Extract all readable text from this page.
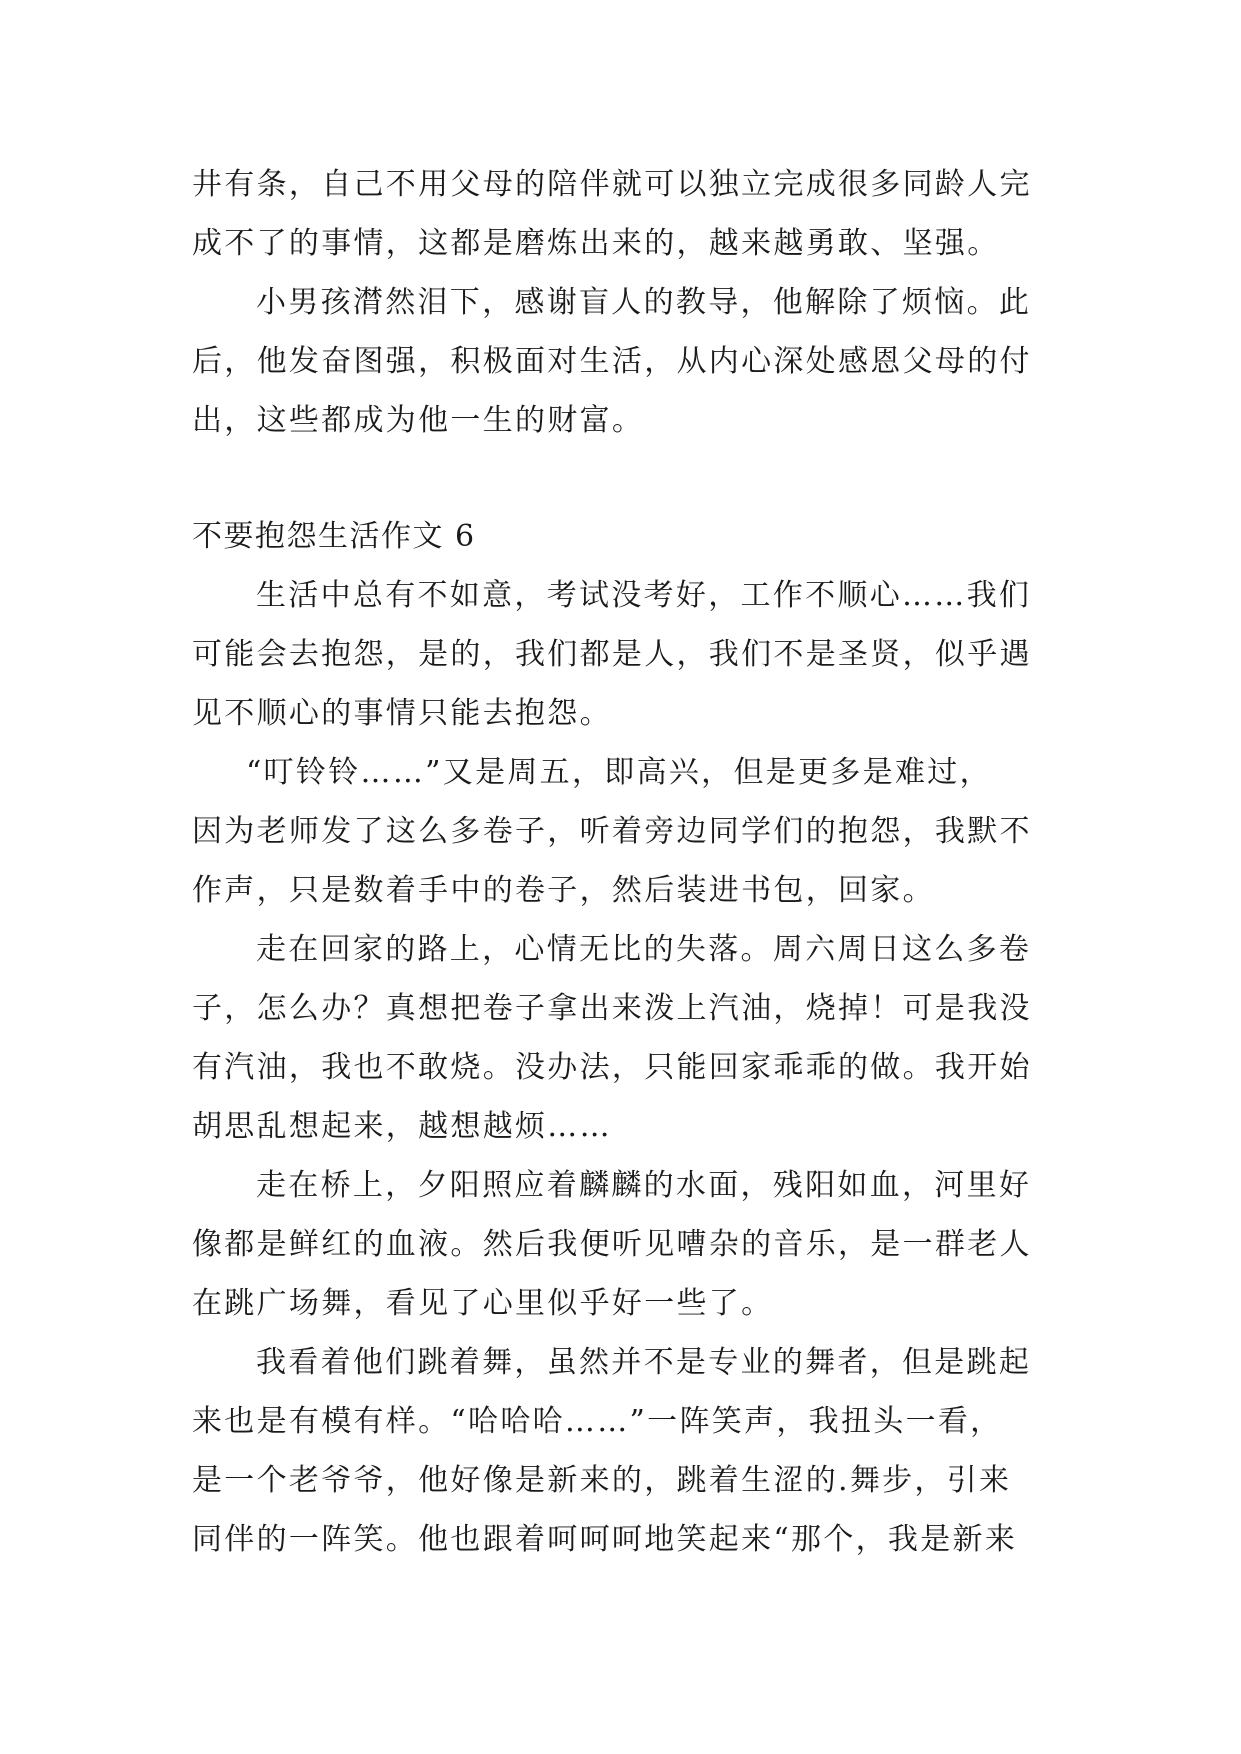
井有条，自己不用父母的陪伴就可以独立完成很多同龄人完
成不了的事情，这都是磨炼出来的，越来越勇敢、坚强。
小男孩潸然泪下，感谢盲人的教导，他解除了烦恼。此
后，他发奋图强，积极面对生活，从内心深处感恩父母的付
出，这些都成为他一生的财富。
不要抱怨生活作文 6
生活中总有不如意，考试没考好，工作不顺心……我们
可能会去抱怨，是的，我们都是人，我们不是圣贤，似乎遇
见不顺心的事情只能去抱怨。
“叮铃铃……”又是周五，即高兴，但是更多是难过，
因为老师发了这么多卷子，听着旁边同学们的抱怨，我默不
作声，只是数着手中的卷子，然后装进书包，回家。
走在回家的路上，心情无比的失落。周六周日这么多卷
子，怎么办？真想把卷子拿出来泼上汽油，烧掉！可是我没
有汽油，我也不敢烧。没办法，只能回家乖乖的做。我开始
胡思乱想起来，越想越烦……
走在桥上，夕阳照应着麟麟的水面，残阳如血，河里好
像都是鲜红的血液。然后我便听见嘈杂的音乐，是一群老人
在跳广场舞，看见了心里似乎好一些了。
我看着他们跳着舞，虽然并不是专业的舞者，但是跳起
来也是有模有样。“哈哈哈……”一阵笑声，我扭头一看，
是一个老爷爷，他好像是新来的，跳着生涩的.舞步，引来
同伴的一阵笑。他也跟着呵呵呵地笑起来“那个，我是新来
